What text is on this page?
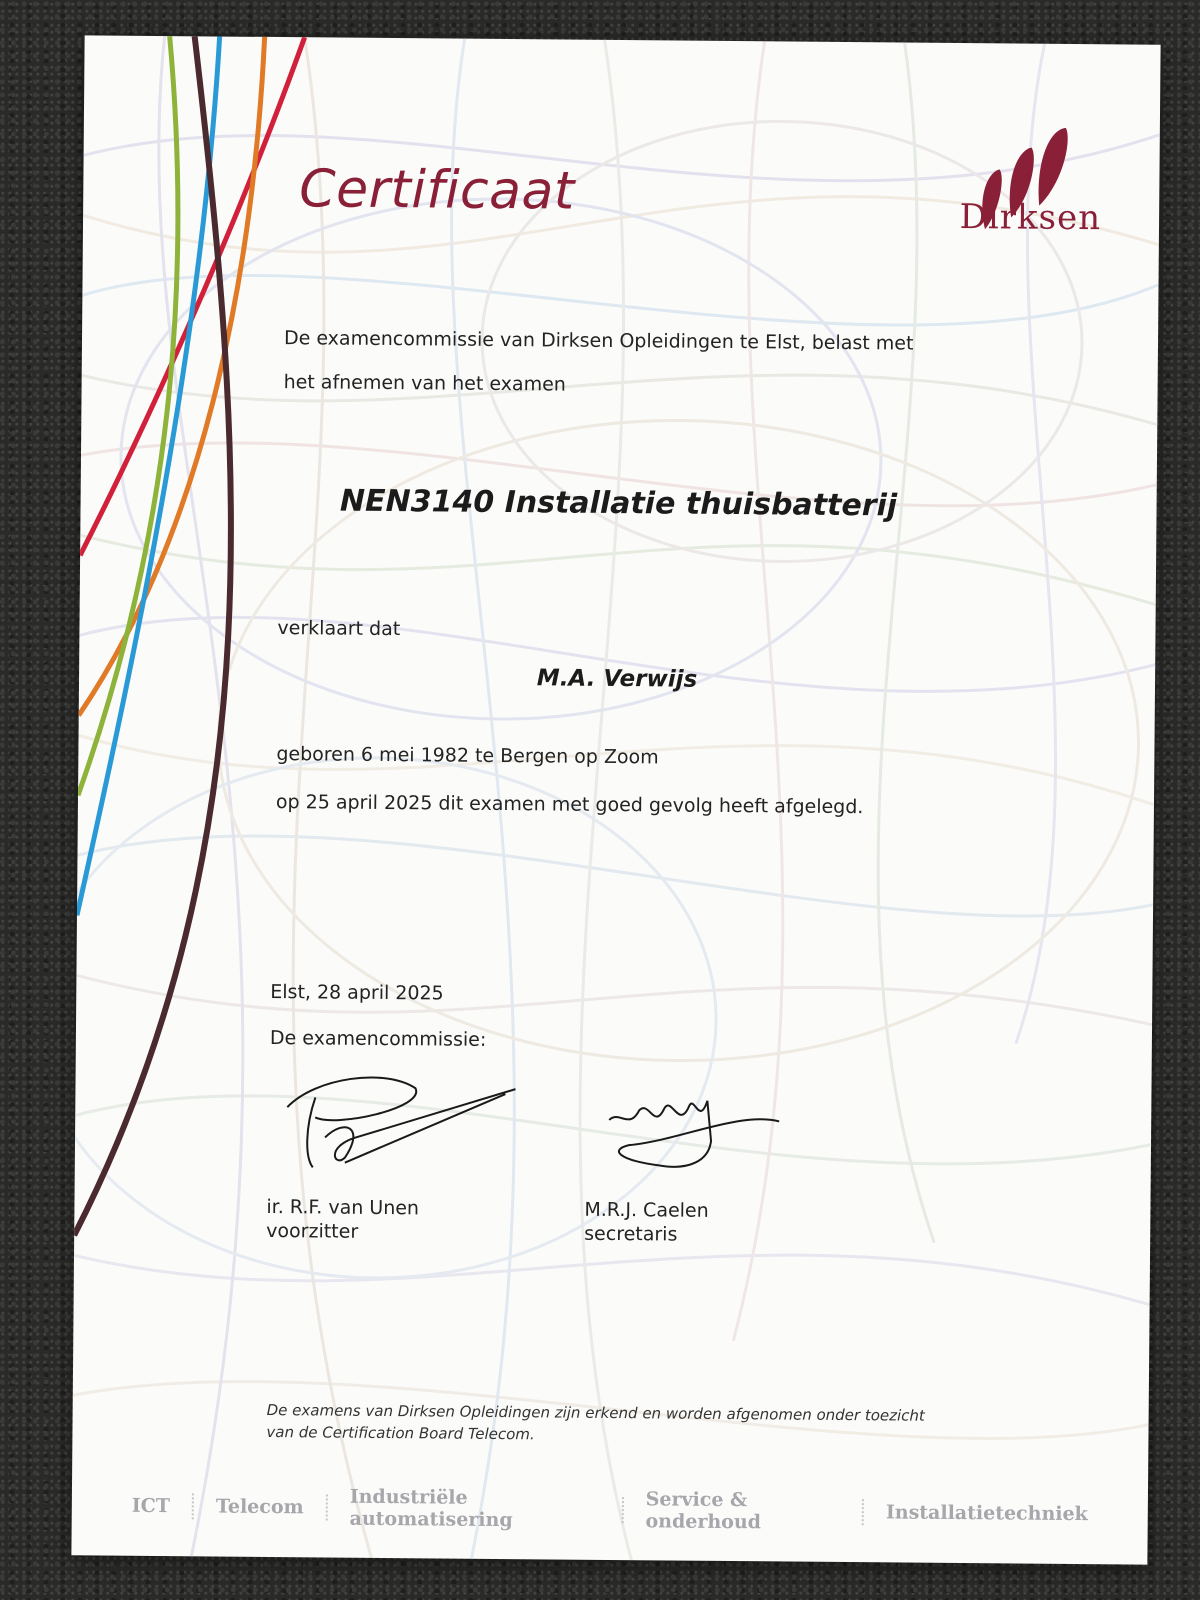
Certificaat	Dirksen
De examencommissie van Dirksen Opleidingen te Elst, belast met
het afnemen van het examen
NEN3140 Installatie thuisbatterij
verklaart dat
M.A. Verwijs
geboren 6 mei 1982 te Bergen op Zoom
op 25 april 2025 dit examen met goed gevolg heeft afgelegd.
Elst, 28 april 2025
De examencommissie:
ir. R.F. van Unen
voorzitter
M.R.J. Caelen
secretaris
De examens van Dirksen Opleidingen zijn erkend en worden afgenomen onder toezicht
van de Certification Board Telecom.
ICT Telecom Industriële automatisering
Service & onderhoud	Installatietechniek
